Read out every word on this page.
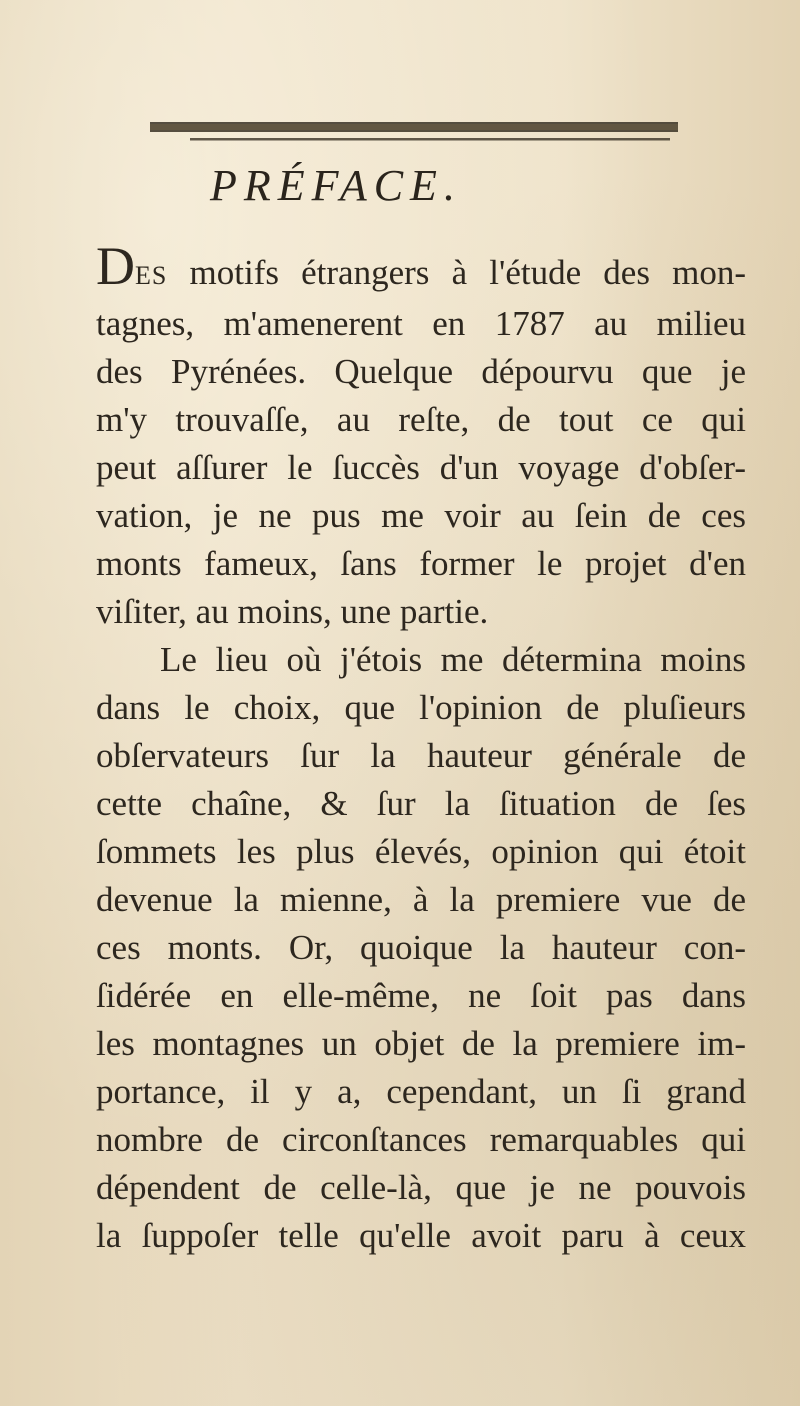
PRÉFACE.
DES motifs étrangers à l'étude des mon-
tagnes, m'amenerent en 1787 au milieu
des Pyrénées. Quelque dépourvu que je
m'y trouvaſſe, au reſte, de tout ce qui
peut aſſurer le ſuccès d'un voyage d'obſer-
vation, je ne pus me voir au ſein de ces
monts fameux, ſans former le projet d'en
viſiter, au moins, une partie.
Le lieu où j'étois me détermina moins
dans le choix, que l'opinion de pluſieurs
obſervateurs ſur la hauteur générale de
cette chaîne, & ſur la ſituation de ſes
ſommets les plus élevés, opinion qui étoit
devenue la mienne, à la premiere vue de
ces monts. Or, quoique la hauteur con-
ſidérée en elle-même, ne ſoit pas dans
les montagnes un objet de la premiere im-
portance, il y a, cependant, un ſi grand
nombre de circonſtances remarquables qui
dépendent de celle-là, que je ne pouvois
la ſuppoſer telle qu'elle avoit paru à ceux
